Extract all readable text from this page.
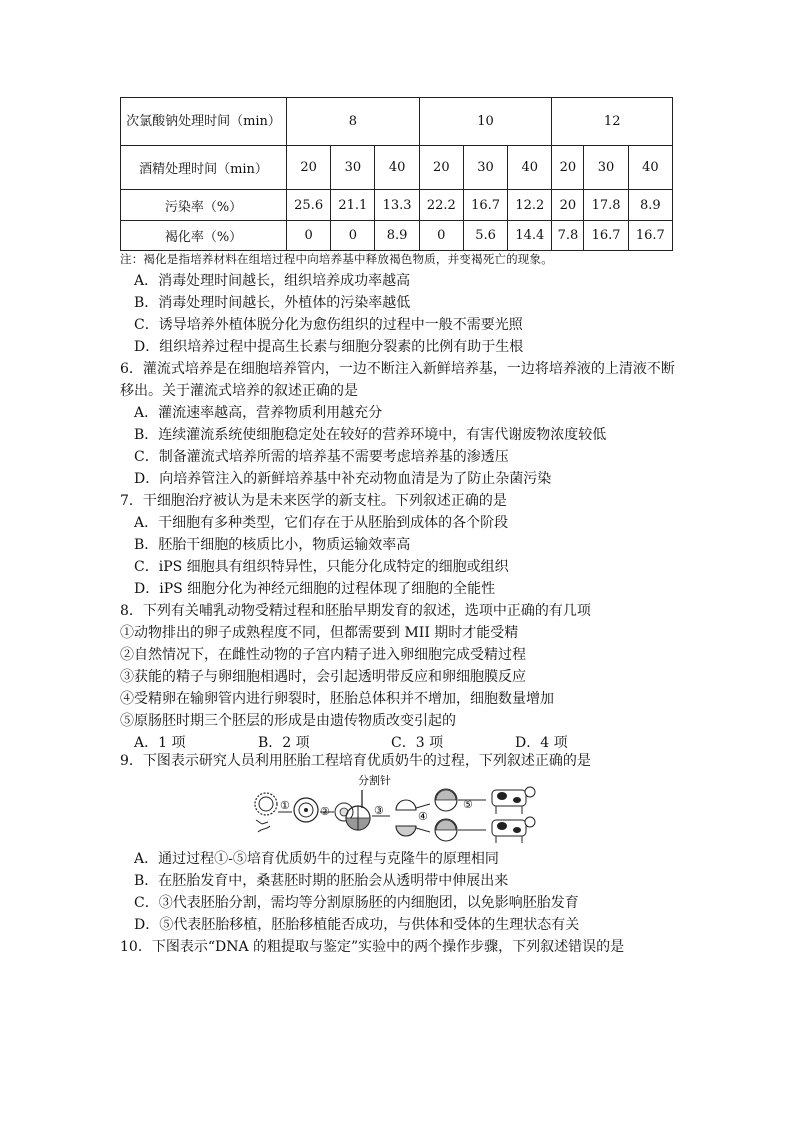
次氯酸钠处理时间（min）	8			10			12		
酒精处理时间（min）	20	30	40	20	30	40	20	30	40
污染率（%）	25.6	21.1	13.3	22.2	16.7	12.2	20	17.8	8.9
褐化率（%）	0	0	8.9	0	5.6	14.4	7.8	16.7	16.7
注：褐化是指培养材料在组培过程中向培养基中释放褐色物质，并变褐死亡的现象。
A．消毒处理时间越长，组织培养成功率越高
B．消毒处理时间越长，外植体的污染率越低
C．诱导培养外植体脱分化为愈伤组织的过程中一般不需要光照
D．组织培养过程中提高生长素与细胞分裂素的比例有助于生根
6．灌流式培养是在细胞培养管内，一边不断注入新鲜培养基，一边将培养液的上清液不断
移出。关于灌流式培养的叙述正确的是
A．灌流速率越高，营养物质利用越充分
B．连续灌流系统使细胞稳定处在较好的营养环境中，有害代谢废物浓度较低
C．制备灌流式培养所需的培养基不需要考虑培养基的渗透压
D．向培养管注入的新鲜培养基中补充动物血清是为了防止杂菌污染
7．干细胞治疗被认为是未来医学的新支柱。下列叙述正确的是
A．干细胞有多种类型，它们存在于从胚胎到成体的各个阶段
B．胚胎干细胞的核质比小，物质运输效率高
C．iPS 细胞具有组织特异性，只能分化成特定的细胞或组织
D．iPS 细胞分化为神经元细胞的过程体现了细胞的全能性
8．下列有关哺乳动物受精过程和胚胎早期发育的叙述，选项中正确的有几项
①动物排出的卵子成熟程度不同，但都需要到 MII 期时才能受精
②自然情况下，在雌性动物的子宫内精子进入卵细胞完成受精过程
③获能的精子与卵细胞相遇时，会引起透明带反应和卵细胞膜反应
④受精卵在输卵管内进行卵裂时，胚胎总体积并不增加，细胞数量增加
⑤原肠胚时期三个胚层的形成是由遗传物质改变引起的
A．1 项	B．2 项	C．3 项	D．4 项
9．下图表示研究人员利用胚胎工程培育优质奶牛的过程，下列叙述正确的是
①	②
分割针
③	④
⑤
A．通过过程①-⑤培育优质奶牛的过程与克隆牛的原理相同
B．在胚胎发育中，桑葚胚时期的胚胎会从透明带中伸展出来
C．③代表胚胎分割，需均等分割原肠胚的内细胞团，以免影响胚胎发育
D．⑤代表胚胎移植，胚胎移植能否成功，与供体和受体的生理状态有关
10．下图表示“DNA 的粗提取与鉴定”实验中的两个操作步骤，下列叙述错误的是
